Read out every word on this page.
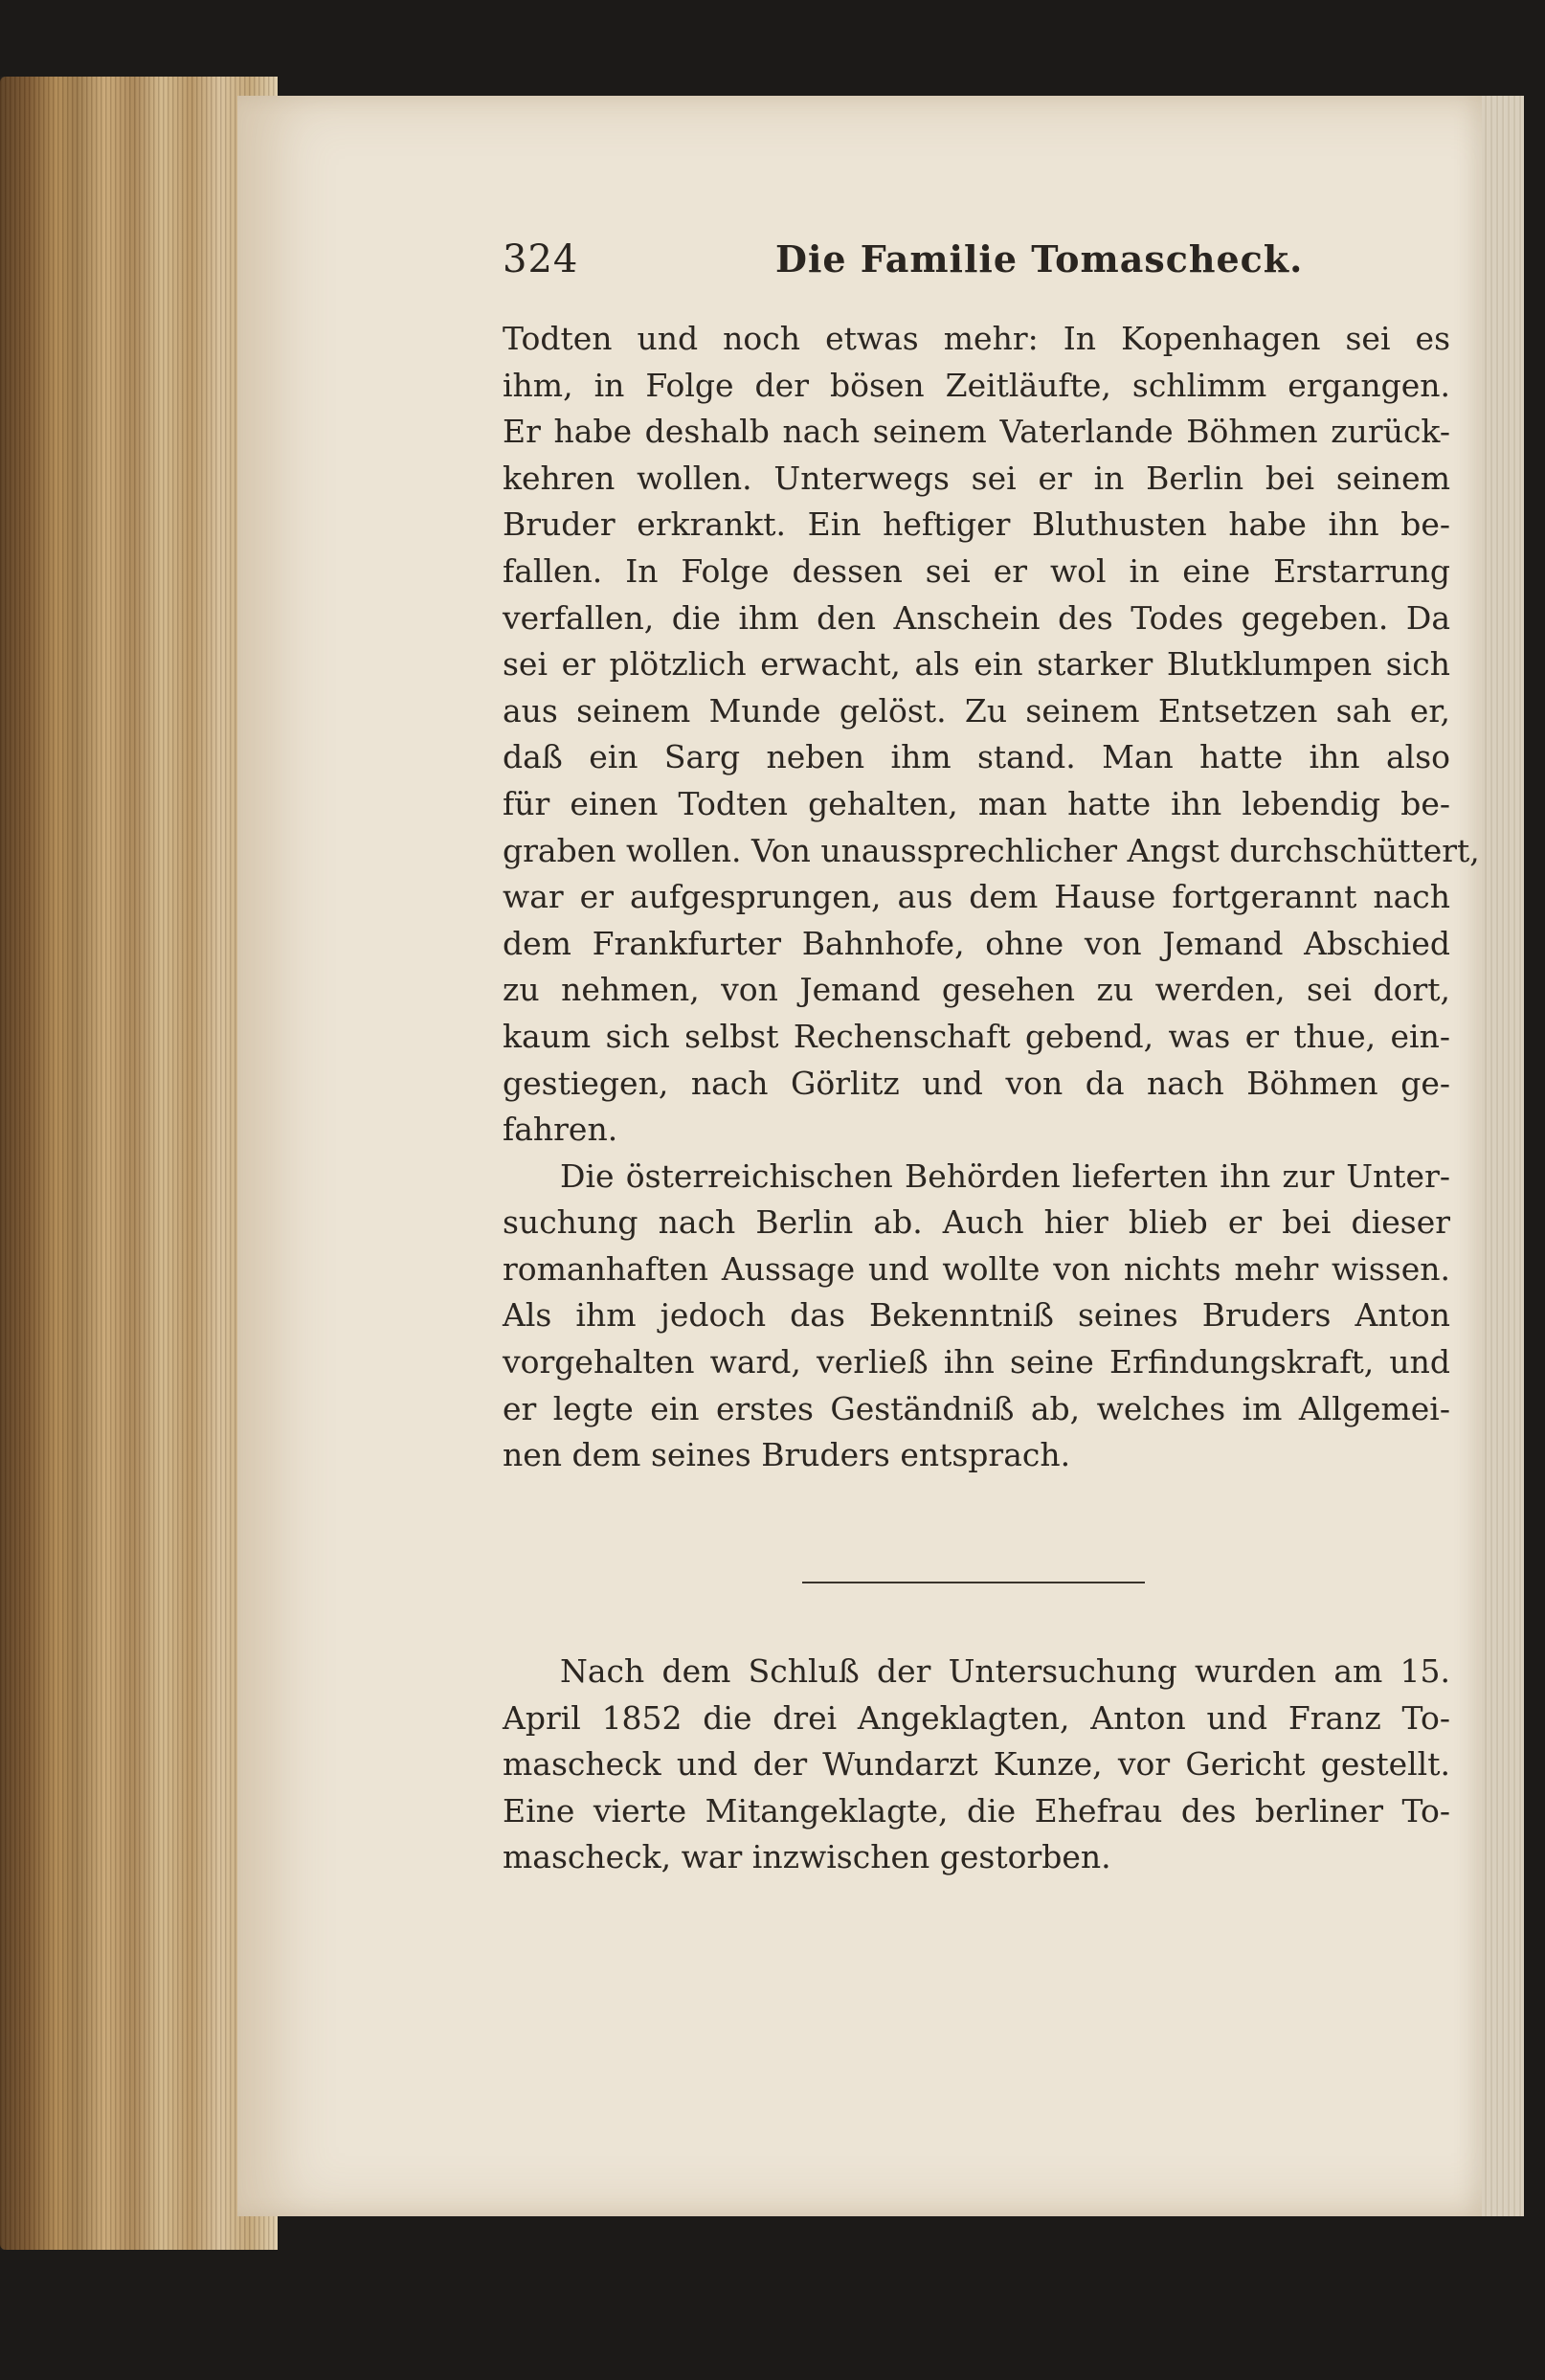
324	Die Familie Tomascheck.
Todten und noch etwas mehr: In Kopenhagen sei es
ihm, in Folge der bösen Zeitläufte, schlimm ergangen.
Er habe deshalb nach seinem Vaterlande Böhmen zurück-
kehren wollen. Unterwegs sei er in Berlin bei seinem
Bruder erkrankt. Ein heftiger Bluthusten habe ihn be-
fallen. In Folge dessen sei er wol in eine Erstarrung
verfallen, die ihm den Anschein des Todes gegeben. Da
sei er plötzlich erwacht, als ein starker Blutklumpen sich
aus seinem Munde gelöst. Zu seinem Entsetzen sah er,
daß ein Sarg neben ihm stand. Man hatte ihn also
für einen Todten gehalten, man hatte ihn lebendig be-
graben wollen. Von unaussprechlicher Angst durchschüttert,
war er aufgesprungen, aus dem Hause fortgerannt nach
dem Frankfurter Bahnhofe, ohne von Jemand Abschied
zu nehmen, von Jemand gesehen zu werden, sei dort,
kaum sich selbst Rechenschaft gebend, was er thue, ein-
gestiegen, nach Görlitz und von da nach Böhmen ge-
fahren.
Die österreichischen Behörden lieferten ihn zur Unter-
suchung nach Berlin ab. Auch hier blieb er bei dieser
romanhaften Aussage und wollte von nichts mehr wissen.
Als ihm jedoch das Bekenntniß seines Bruders Anton
vorgehalten ward, verließ ihn seine Erfindungskraft, und
er legte ein erstes Geständniß ab, welches im Allgemei-
nen dem seines Bruders entsprach.
Nach dem Schluß der Untersuchung wurden am 15.
April 1852 die drei Angeklagten, Anton und Franz To-
mascheck und der Wundarzt Kunze, vor Gericht gestellt.
Eine vierte Mitangeklagte, die Ehefrau des berliner To-
mascheck, war inzwischen gestorben.
